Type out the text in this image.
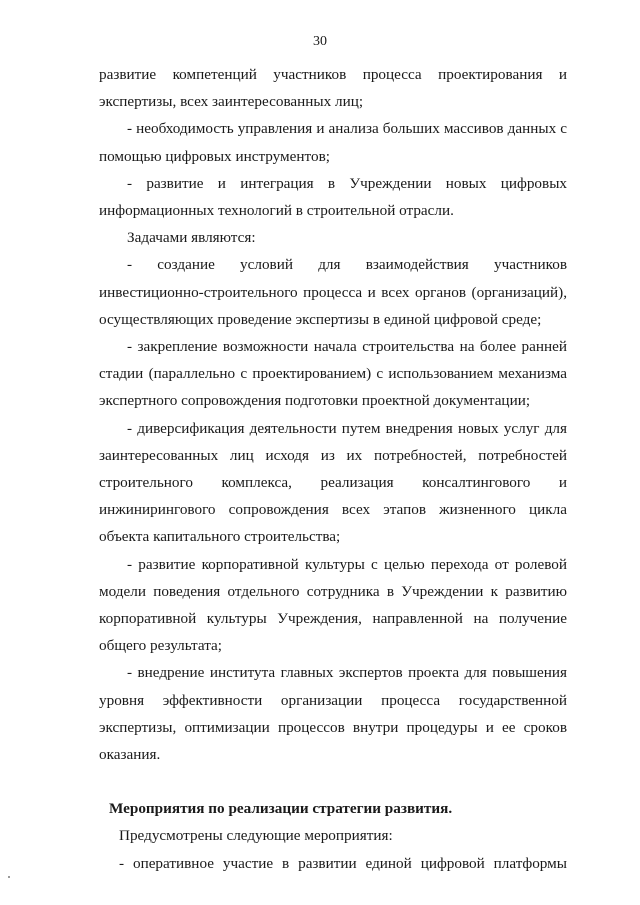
30

развитие компетенций участников процесса проектирования и экспертизы, всех заинтересованных лиц;

- необходимость управления и анализа больших массивов данных с помощью цифровых инструментов;

- развитие и интеграция в Учреждении новых цифровых информационных технологий в строительной отрасли.

Задачами являются:

- создание условий для взаимодействия участников инвестиционно-строительного процесса и всех органов (организаций), осуществляющих проведение экспертизы в единой цифровой среде;

- закрепление возможности начала строительства на более ранней стадии (параллельно с проектированием) с использованием механизма экспертного сопровождения подготовки проектной документации;

- диверсификация деятельности путем внедрения новых услуг для заинтересованных лиц исходя из их потребностей, потребностей строительного комплекса, реализация консалтингового и инжинирингового сопровождения всех этапов жизненного цикла объекта капитального строительства;

- развитие корпоративной культуры с целью перехода от ролевой модели поведения отдельного сотрудника в Учреждении к развитию корпоративной культуры Учреждения, направленной на получение общего результата;

- внедрение института главных экспертов проекта для повышения уровня эффективности организации процесса государственной экспертизы, оптимизации процессов внутри процедуры и ее сроков оказания.

Мероприятия по реализации стратегии развития.

Предусмотрены следующие мероприятия:

- оперативное участие в развитии единой цифровой платформы
